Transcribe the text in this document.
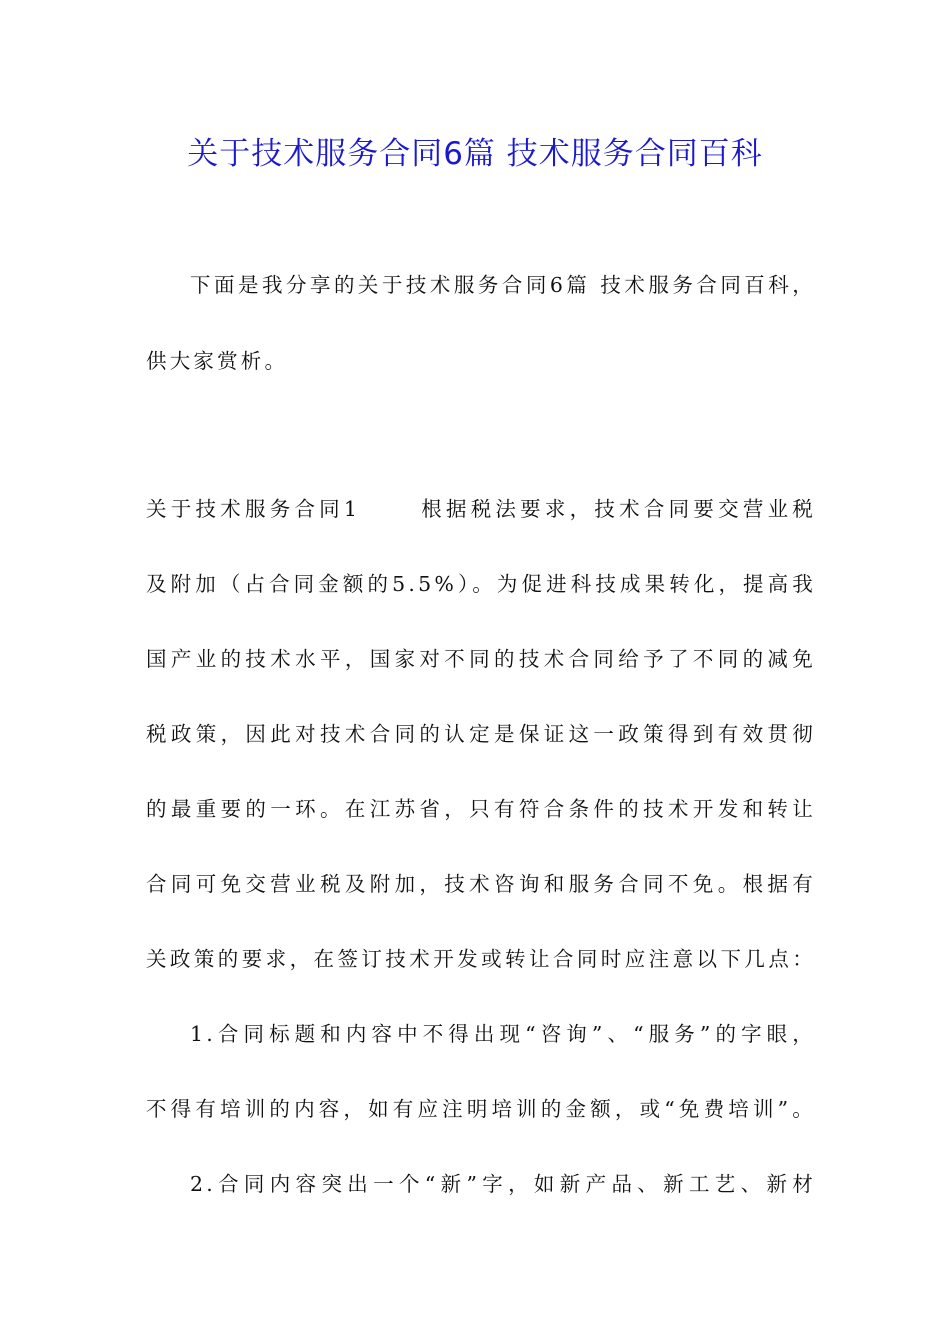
关于技术服务合同6篇 技术服务合同百科
下面是我分享的关于技术服务合同6篇 技术服务合同百科，
供大家赏析。
关于技术服务合同1	根据税法要求，技术合同要交营业税
及附加（占合同金额的5.5%）。为促进科技成果转化，提高我
国产业的技术水平，国家对不同的技术合同给予了不同的减免
税政策，因此对技术合同的认定是保证这一政策得到有效贯彻
的最重要的一环。在江苏省，只有符合条件的技术开发和转让
合同可免交营业税及附加，技术咨询和服务合同不免。根据有
关政策的要求，在签订技术开发或转让合同时应注意以下几点：
1.合同标题和内容中不得出现“咨询”、“服务”的字眼，
不得有培训的内容，如有应注明培训的金额，或“免费培训”。
2.合同内容突出一个“新”字，如新产品、新工艺、新材
